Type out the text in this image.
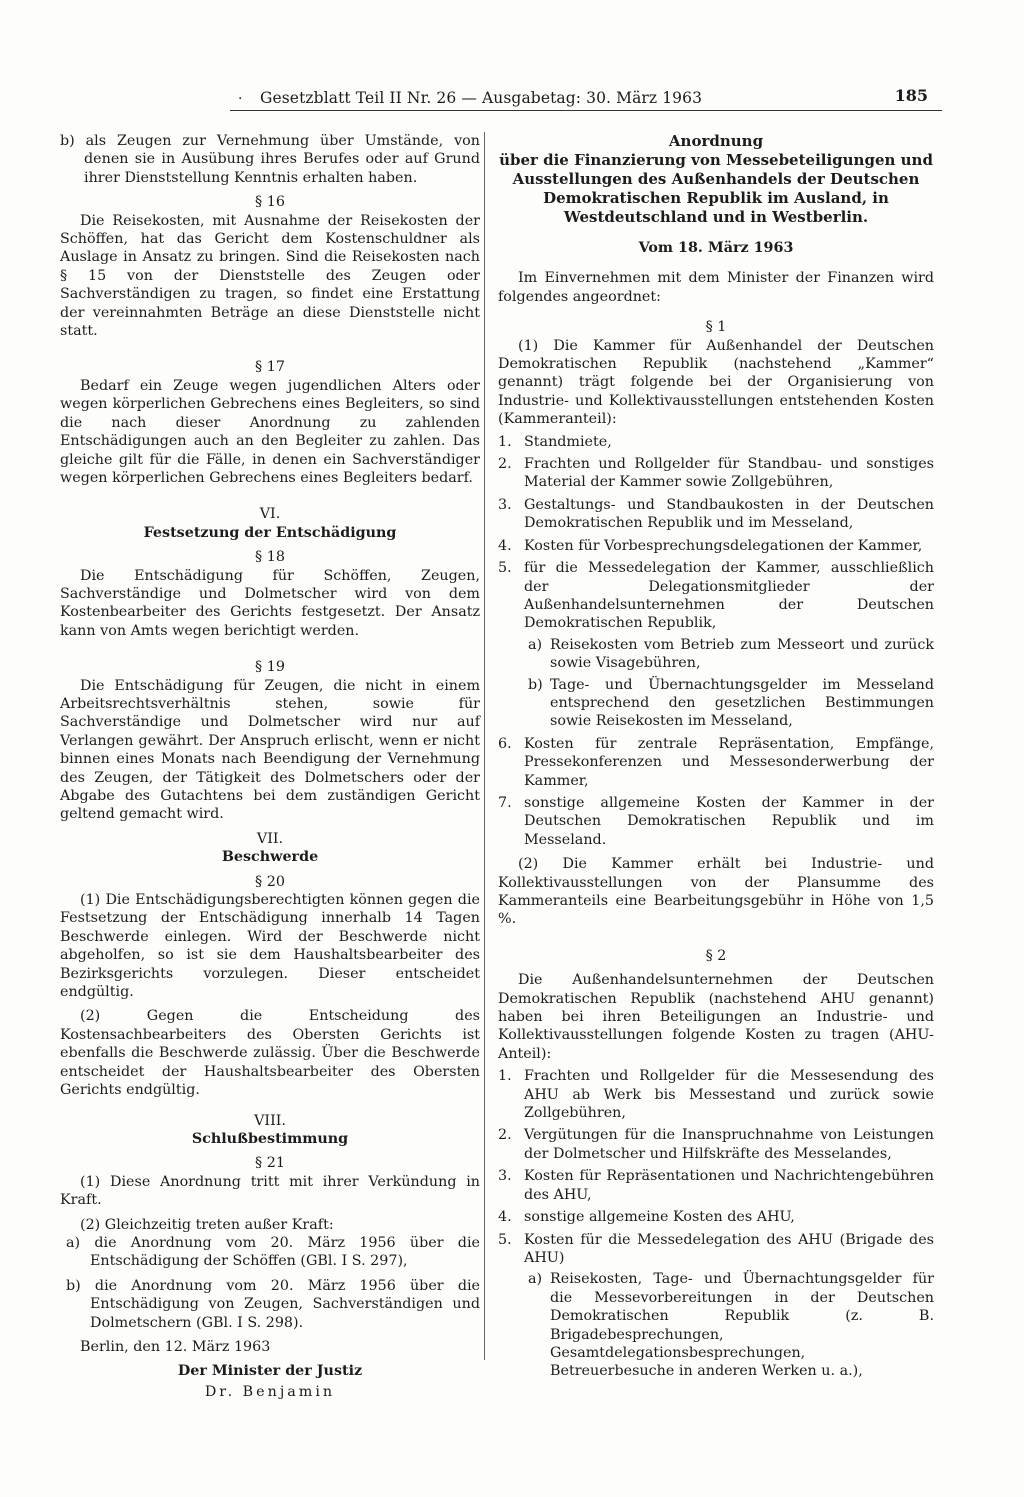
· Gesetzblatt Teil II Nr. 26 — Ausgabetag: 30. März 1963	185

b) als Zeugen zur Vernehmung über Umstände, von denen sie in Ausübung ihres Berufes oder auf Grund ihrer Dienststellung Kenntnis erhalten haben.

§ 16

Die Reisekosten, mit Ausnahme der Reisekosten der Schöffen, hat das Gericht dem Kostenschuldner als Auslage in Ansatz zu bringen. Sind die Reisekosten nach § 15 von der Dienststelle des Zeugen oder Sachverständigen zu tragen, so findet eine Erstattung der vereinnahmten Beträge an diese Dienststelle nicht statt.

§ 17

Bedarf ein Zeuge wegen jugendlichen Alters oder wegen körperlichen Gebrechens eines Begleiters, so sind die nach dieser Anordnung zu zahlenden Entschädigungen auch an den Begleiter zu zahlen. Das gleiche gilt für die Fälle, in denen ein Sachverständiger wegen körperlichen Gebrechens eines Begleiters bedarf.

VI.

Festsetzung der Entschädigung

§ 18

Die Entschädigung für Schöffen, Zeugen, Sachverständige und Dolmetscher wird von dem Kostenbearbeiter des Gerichts festgesetzt. Der Ansatz kann von Amts wegen berichtigt werden.

§ 19

Die Entschädigung für Zeugen, die nicht in einem Arbeitsrechtsverhältnis stehen, sowie für Sachverständige und Dolmetscher wird nur auf Verlangen gewährt. Der Anspruch erlischt, wenn er nicht binnen eines Monats nach Beendigung der Vernehmung des Zeugen, der Tätigkeit des Dolmetschers oder der Abgabe des Gutachtens bei dem zuständigen Gericht geltend gemacht wird.

VII.

Beschwerde

§ 20

(1) Die Entschädigungsberechtigten können gegen die Festsetzung der Entschädigung innerhalb 14 Tagen Beschwerde einlegen. Wird der Beschwerde nicht abgeholfen, so ist sie dem Haushaltsbearbeiter des Bezirksgerichts vorzulegen. Dieser entscheidet endgültig.

(2) Gegen die Entscheidung des Kostensachbearbeiters des Obersten Gerichts ist ebenfalls die Beschwerde zulässig. Über die Beschwerde entscheidet der Haushaltsbearbeiter des Obersten Gerichts endgültig.

VIII.

Schlußbestimmung

§ 21

(1) Diese Anordnung tritt mit ihrer Verkündung in Kraft.

(2) Gleichzeitig treten außer Kraft:

a) die Anordnung vom 20. März 1956 über die Entschädigung der Schöffen (GBl. I S. 297),

b) die Anordnung vom 20. März 1956 über die Entschädigung von Zeugen, Sachverständigen und Dolmetschern (GBl. I S. 298).

Berlin, den 12. März 1963

Der Minister der Justiz

Dr. Benjamin

Anordnung

über die Finanzierung von Messebeteiligungen und Ausstellungen des Außenhandels der Deutschen Demokratischen Republik im Ausland, in Westdeutschland und in Westberlin.

Vom 18. März 1963

Im Einvernehmen mit dem Minister der Finanzen wird folgendes angeordnet:

§ 1

(1) Die Kammer für Außenhandel der Deutschen Demokratischen Republik (nachstehend „Kammer“ genannt) trägt folgende bei der Organisierung von Industrie- und Kollektivausstellungen entstehenden Kosten (Kammeranteil):

1. Standmiete,
2. Frachten und Rollgelder für Standbau- und sonstiges Material der Kammer sowie Zollgebühren,
3. Gestaltungs- und Standbaukosten in der Deutschen Demokratischen Republik und im Messeland,
4. Kosten für Vorbesprechungsdelegationen der Kammer,
5. für die Messedelegation der Kammer, ausschließlich der Delegationsmitglieder der Außenhandelsunternehmen der Deutschen Demokratischen Republik,
a) Reisekosten vom Betrieb zum Messeort und zurück sowie Visagebühren,
b) Tage- und Übernachtungsgelder im Messeland entsprechend den gesetzlichen Bestimmungen sowie Reisekosten im Messeland,
6. Kosten für zentrale Repräsentation, Empfänge, Pressekonferenzen und Messesonderwerbung der Kammer,
7. sonstige allgemeine Kosten der Kammer in der Deutschen Demokratischen Republik und im Messeland.

(2) Die Kammer erhält bei Industrie- und Kollektivausstellungen von der Plansumme des Kammeranteils eine Bearbeitungsgebühr in Höhe von 1,5 %.

§ 2

Die Außenhandelsunternehmen der Deutschen Demokratischen Republik (nachstehend AHU genannt) haben bei ihren Beteiligungen an Industrie- und Kollektivausstellungen folgende Kosten zu tragen (AHU-Anteil):

1. Frachten und Rollgelder für die Messesendung des AHU ab Werk bis Messestand und zurück sowie Zollgebühren,
2. Vergütungen für die Inanspruchnahme von Leistungen der Dolmetscher und Hilfskräfte des Messelandes,
3. Kosten für Repräsentationen und Nachrichtengebühren des AHU,
4. sonstige allgemeine Kosten des AHU,
5. Kosten für die Messedelegation des AHU (Brigade des AHU)
a) Reisekosten, Tage- und Übernachtungsgelder für die Messevorbereitungen in der Deutschen Demokratischen Republik (z. B. Brigadebesprechungen, Gesamtdelegationsbesprechungen, Betreuerbesuche in anderen Werken u. a.),
